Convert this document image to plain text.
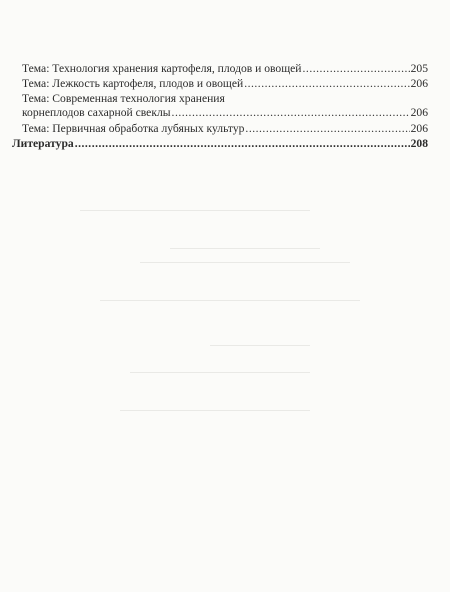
Тема: Технология хранения картофеля, плодов и овощей .....	205
Тема: Лежкость картофеля, плодов и овощей .....	206
Тема: Современная технология хранения
корнеплодов сахарной свеклы .....	206
Тема: Первичная обработка лубяных культур .....	206
Литература .....	208
